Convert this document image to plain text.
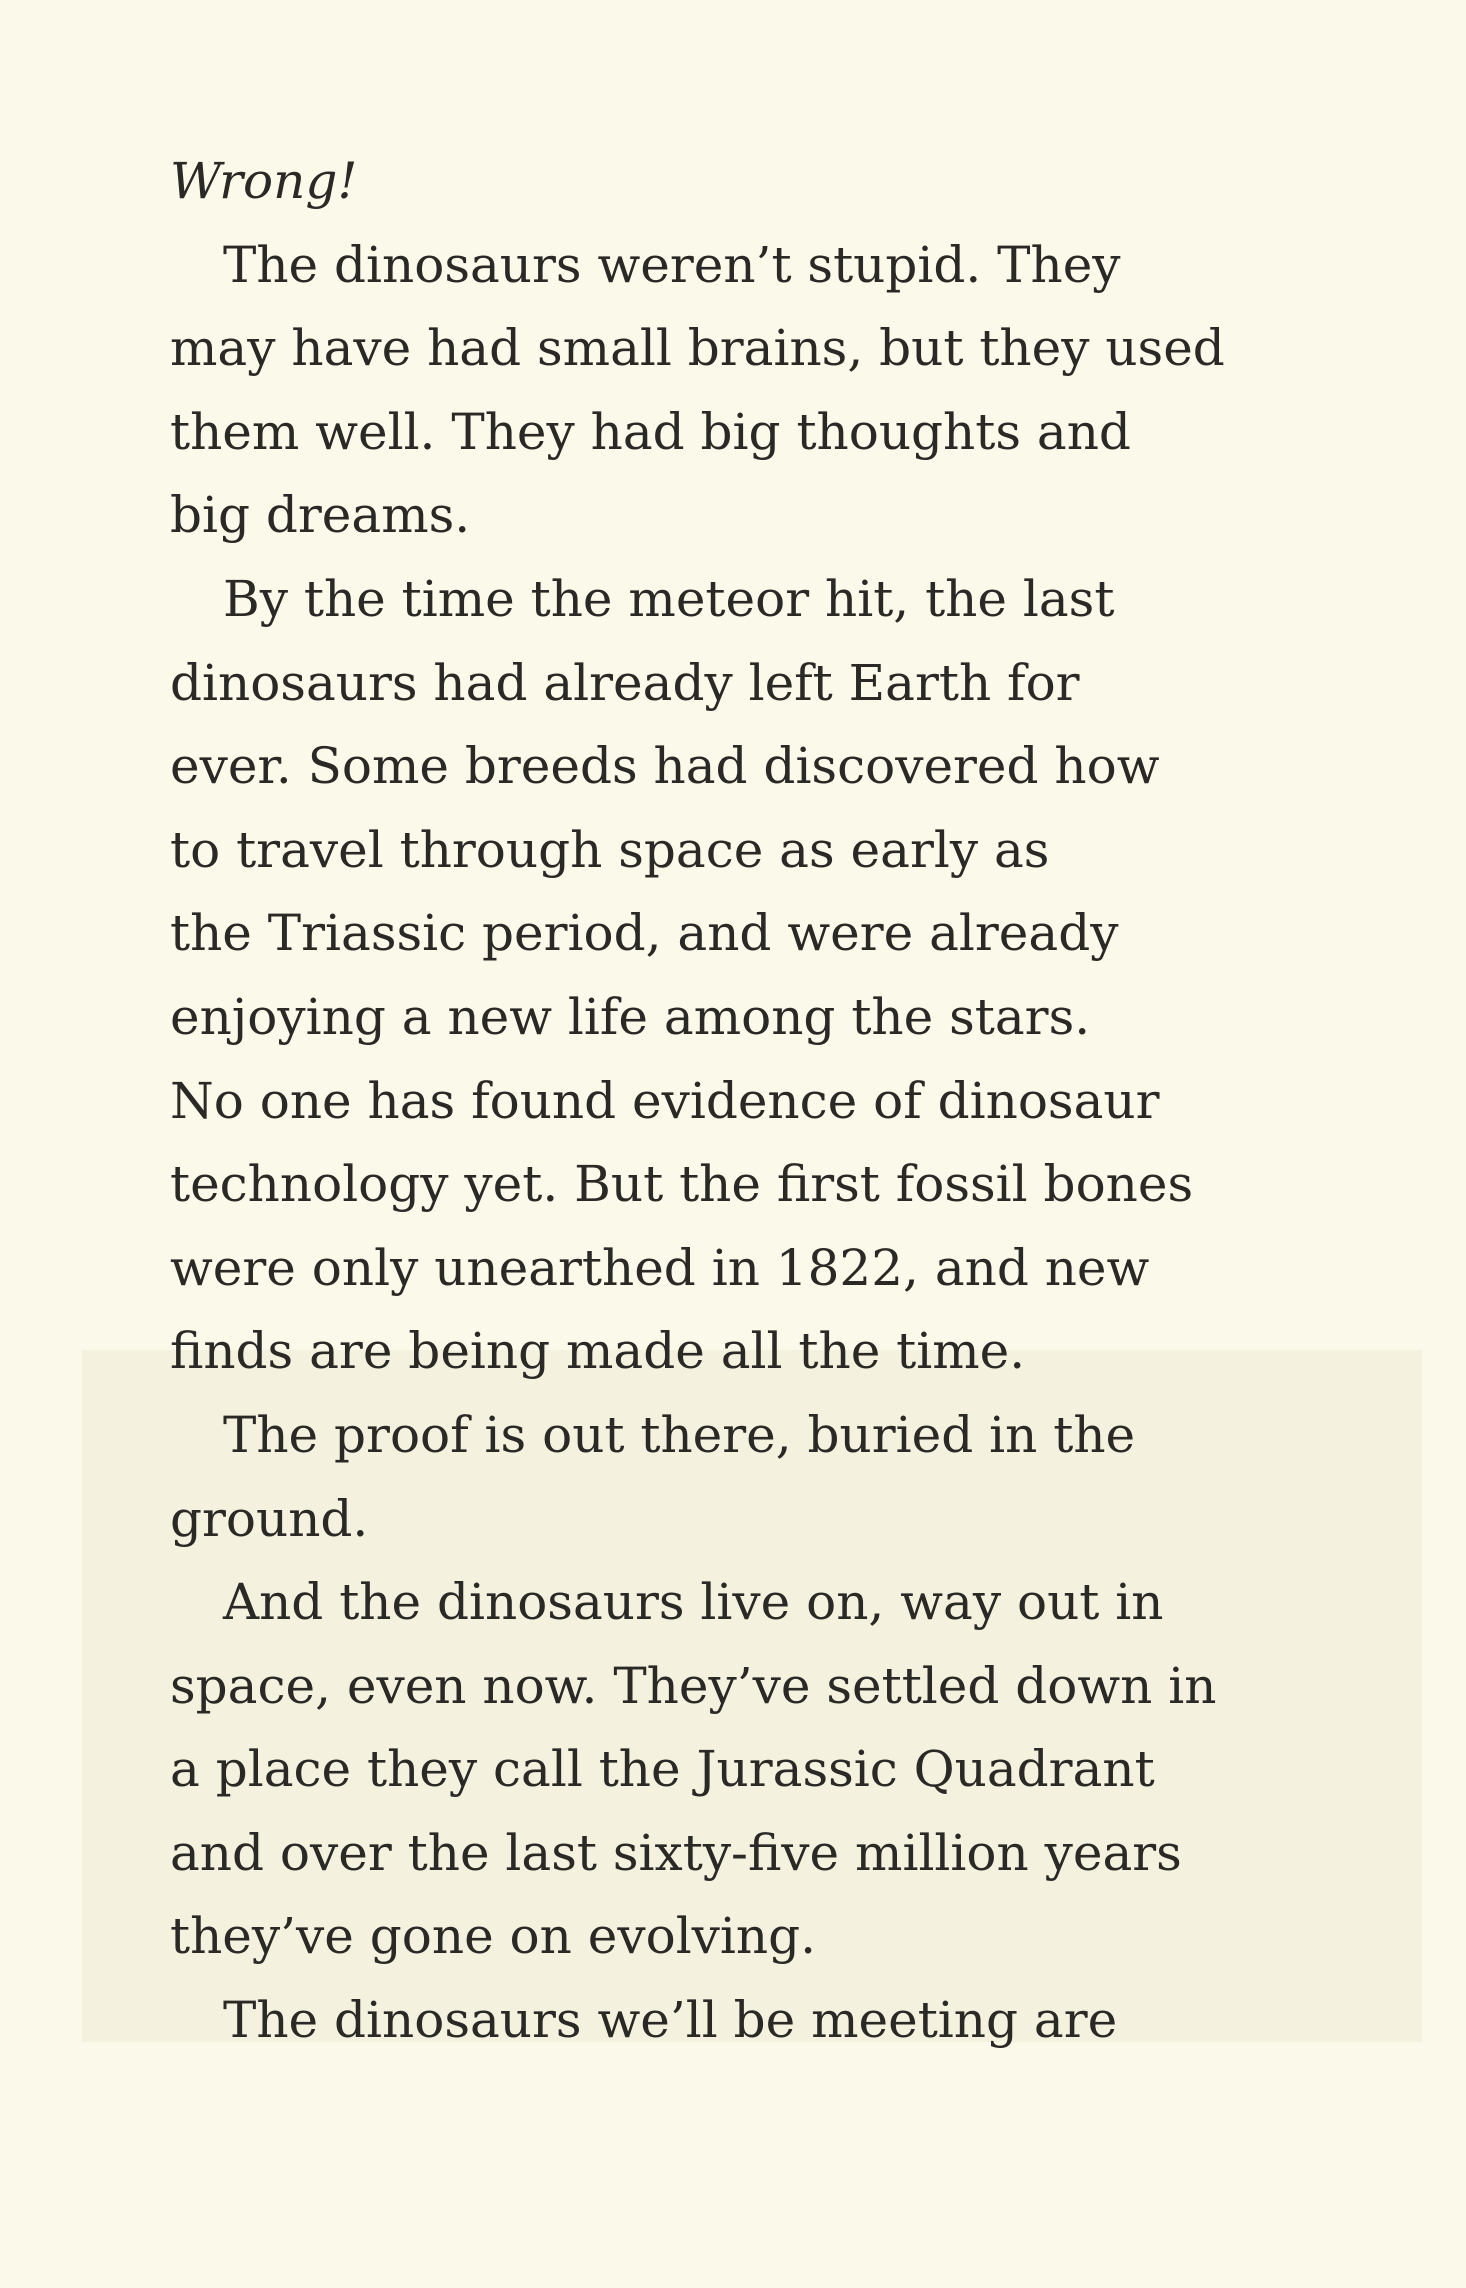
Wrong!
The dinosaurs weren’t stupid. They
may have had small brains, but they used
them well. They had big thoughts and
big dreams.
By the time the meteor hit, the last
dinosaurs had already left Earth for
ever. Some breeds had discovered how
to travel through space as early as
the Triassic period, and were already
enjoying a new life among the stars.
No one has found evidence of dinosaur
technology yet. But the first fossil bones
were only unearthed in 1822, and new
finds are being made all the time.
The proof is out there, buried in the
ground.
And the dinosaurs live on, way out in
space, even now. They’ve settled down in
a place they call the Jurassic Quadrant
and over the last sixty-five million years
they’ve gone on evolving.
The dinosaurs we’ll be meeting are
